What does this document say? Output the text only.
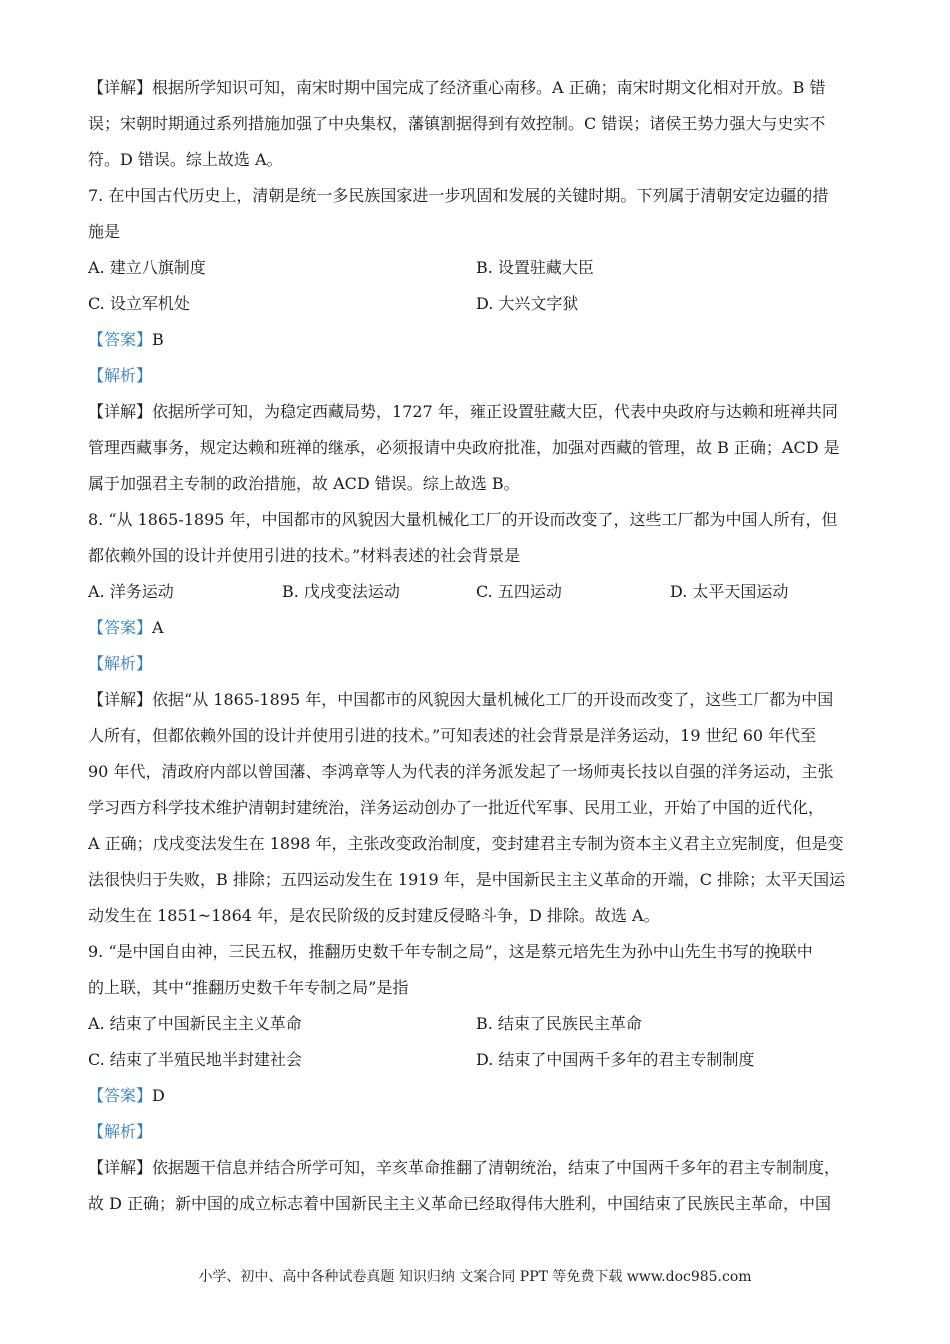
【详解】根据所学知识可知，南宋时期中国完成了经济重心南移。A 正确；南宋时期文化相对开放。B 错
误；宋朝时期通过系列措施加强了中央集权，藩镇割据得到有效控制。C 错误；诸侯王势力强大与史实不
符。D 错误。综上故选 A。
7. 在中国古代历史上，清朝是统一多民族国家进一步巩固和发展的关键时期。下列属于清朝安定边疆的措
施是
A. 建立八旗制度	B. 设置驻藏大臣
C. 设立军机处	D. 大兴文字狱
【答案】B
【解析】
【详解】依据所学可知，为稳定西藏局势，1727 年，雍正设置驻藏大臣，代表中央政府与达赖和班禅共同
管理西藏事务，规定达赖和班禅的继承，必须报请中央政府批准，加强对西藏的管理，故 B 正确；ACD 是
属于加强君主专制的政治措施，故 ACD 错误。综上故选 B。
8. “从 1865-1895 年，中国都市的风貌因大量机械化工厂的开设而改变了，这些工厂都为中国人所有，但
都依赖外国的设计并使用引进的技术。”材料表述的社会背景是
A. 洋务运动	B. 戊戌变法运动	C. 五四运动	D. 太平天国运动
【答案】A
【解析】
【详解】依据“从 1865-1895 年，中国都市的风貌因大量机械化工厂的开设而改变了，这些工厂都为中国
人所有，但都依赖外国的设计并使用引进的技术。”可知表述的社会背景是洋务运动，19 世纪 60 年代至
90 年代，清政府内部以曾国藩、李鸿章等人为代表的洋务派发起了一场师夷长技以自强的洋务运动，主张
学习西方科学技术维护清朝封建统治，洋务运动创办了一批近代军事、民用工业，开始了中国的近代化，
A 正确；戊戌变法发生在 1898 年，主张改变政治制度，变封建君主专制为资本主义君主立宪制度，但是变
法很快归于失败，B 排除；五四运动发生在 1919 年，是中国新民主主义革命的开端，C 排除；太平天国运
动发生在 1851~1864 年，是农民阶级的反封建反侵略斗争，D 排除。故选 A。
9. “是中国自由神，三民五权，推翻历史数千年专制之局”，这是蔡元培先生为孙中山先生书写的挽联中
的上联，其中“推翻历史数千年专制之局”是指
A. 结束了中国新民主主义革命	B. 结束了民族民主革命
C. 结束了半殖民地半封建社会	D. 结束了中国两千多年的君主专制制度
【答案】D
【解析】
【详解】依据题干信息并结合所学可知，辛亥革命推翻了清朝统治，结束了中国两千多年的君主专制制度，
故 D 正确；新中国的成立标志着中国新民主主义革命已经取得伟大胜利，中国结束了民族民主革命，中国
小学、初中、高中各种试卷真题 知识归纳 文案合同 PPT 等免费下载 www.doc985.com
